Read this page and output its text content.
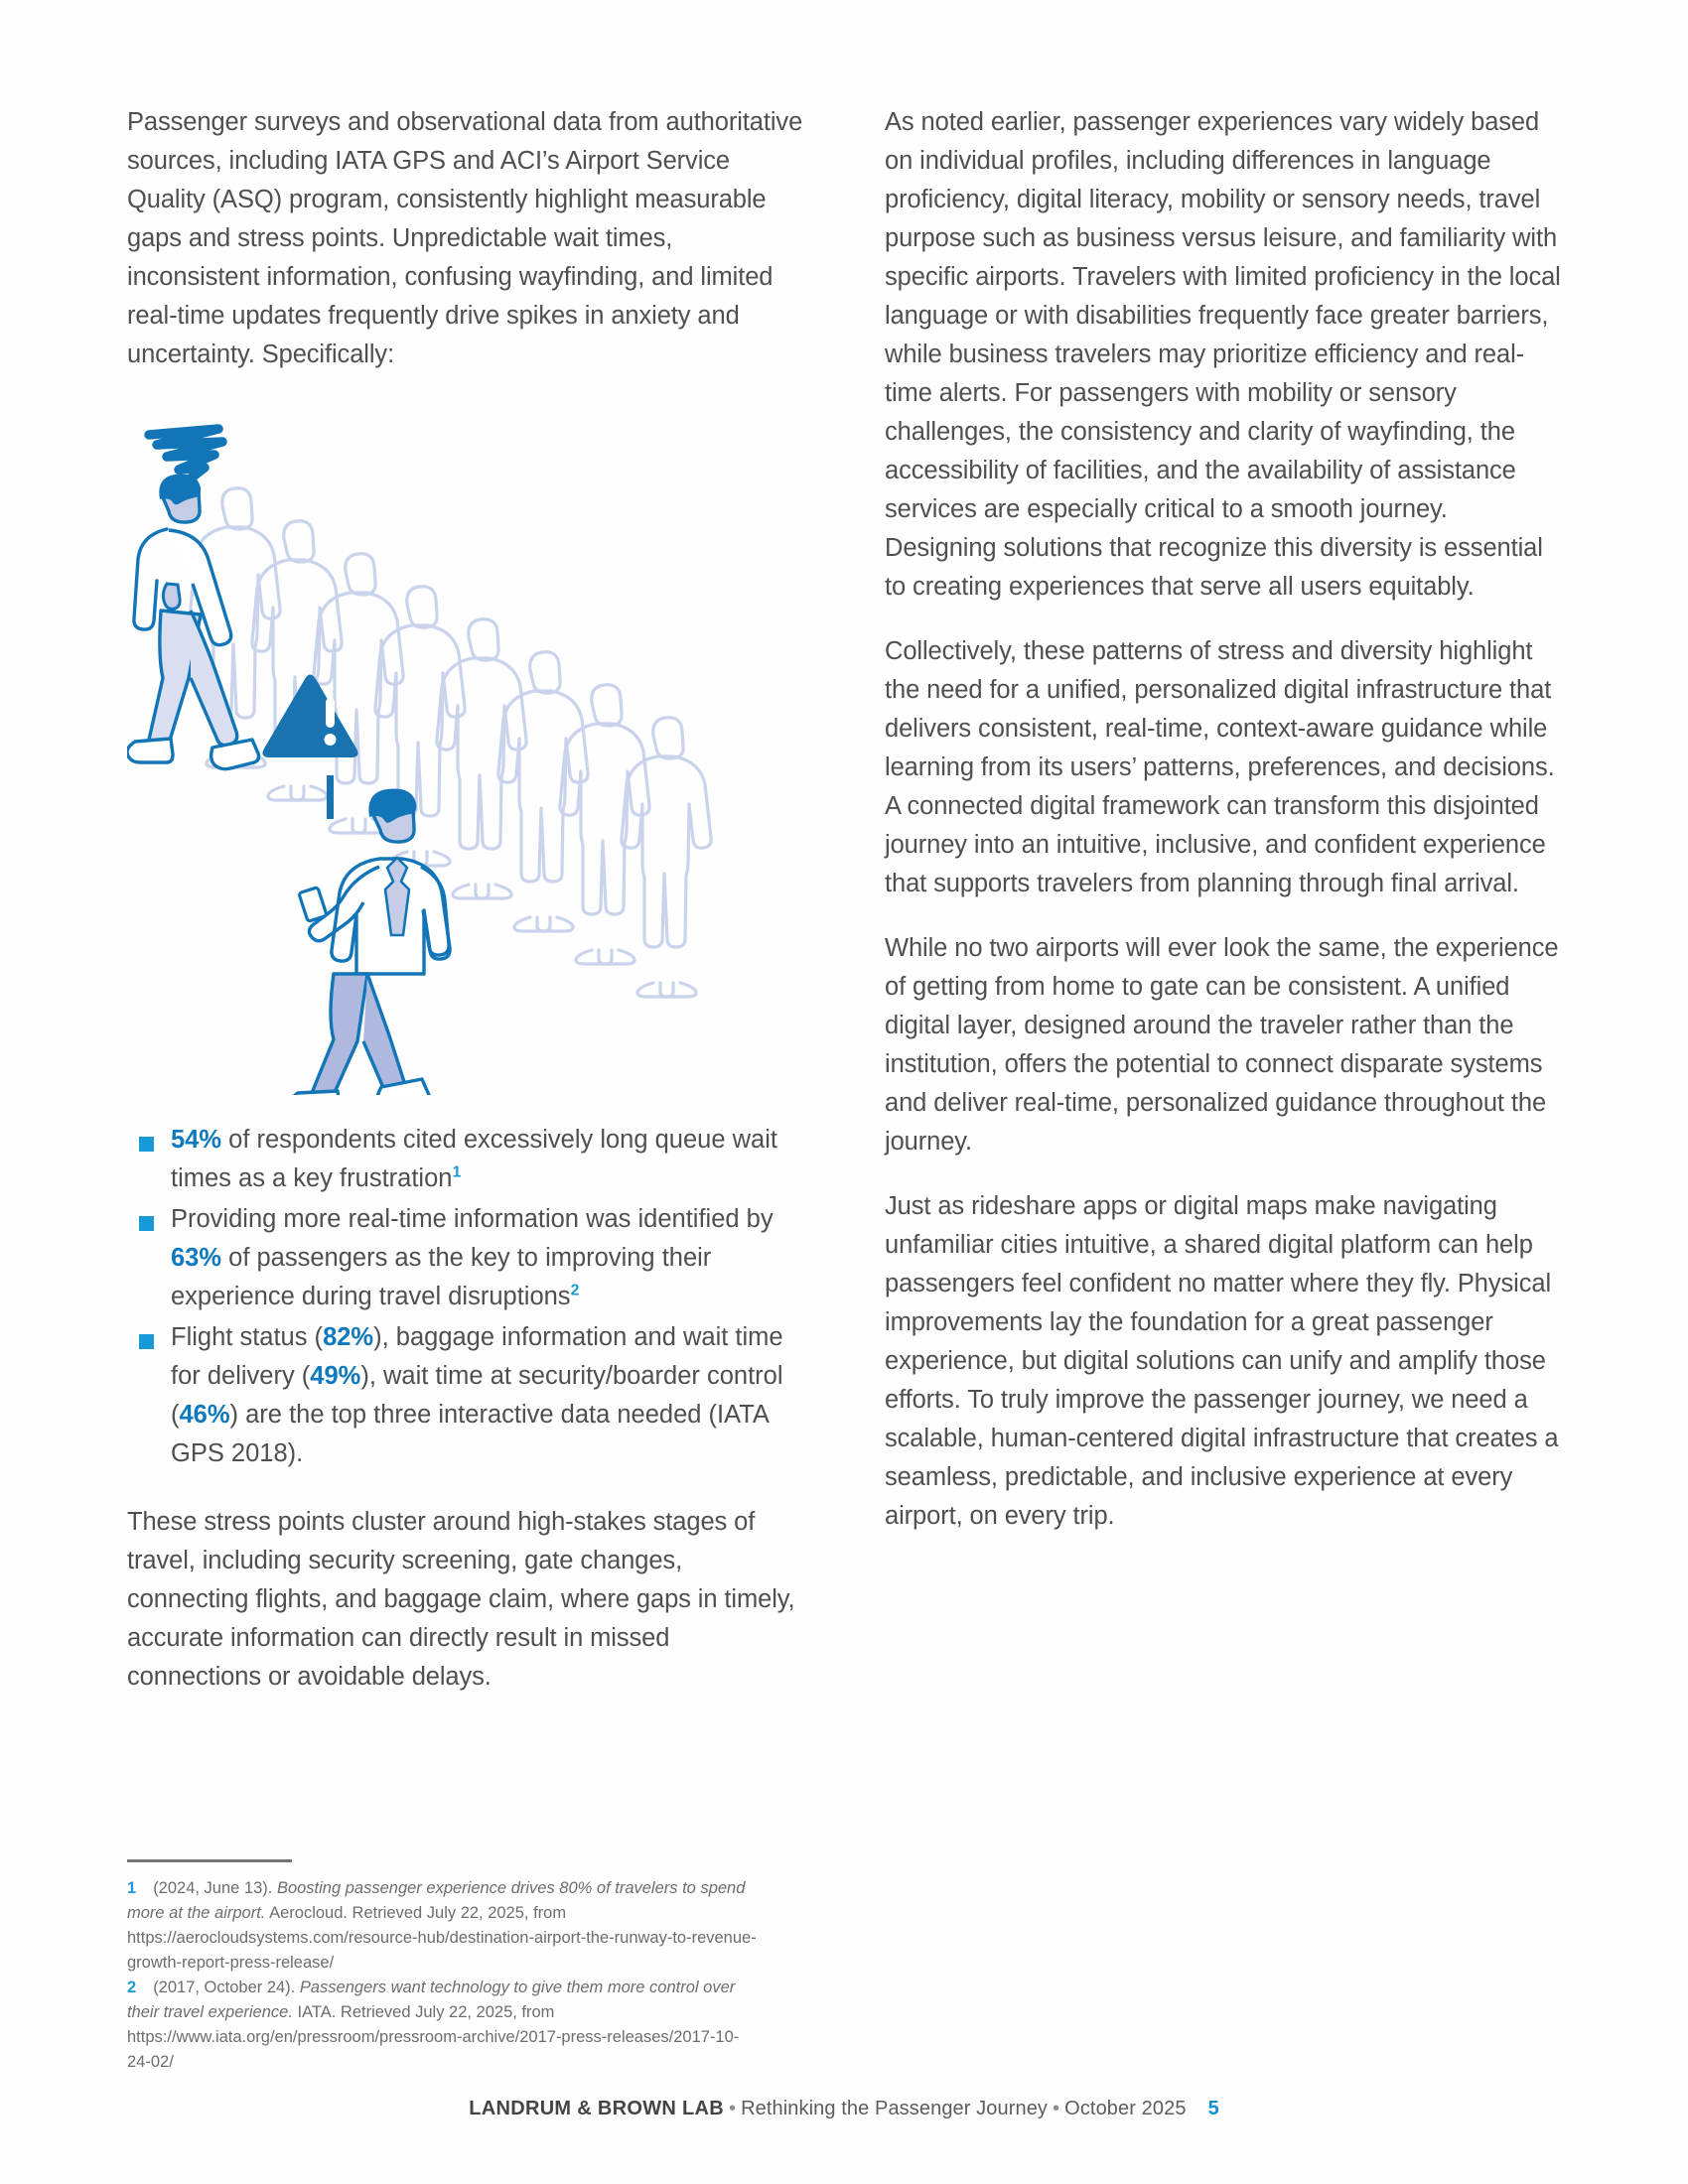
Passenger surveys and observational data from authoritative sources, including IATA GPS and ACI’s Airport Service Quality (ASQ) program, consistently highlight measurable gaps and stress points. Unpredictable wait times, inconsistent information, confusing wayfinding, and limited real-time updates frequently drive spikes in anxiety and uncertainty. Specifically:

54% of respondents cited excessively long queue wait times as a key frustration$^1$
Providing more real-time information was identified by 63% of passengers as the key to improving their experience during travel disruptions$^2$
Flight status (82%), baggage information and wait time for delivery (49%), wait time at security/boarder control (46%) are the top three interactive data needed (IATA GPS 2018).

These stress points cluster around high-stakes stages of travel, including security screening, gate changes, connecting flights, and baggage claim, where gaps in timely, accurate information can directly result in missed connections or avoidable delays.

As noted earlier, passenger experiences vary widely based on individual profiles, including differences in language proficiency, digital literacy, mobility or sensory needs, travel purpose such as business versus leisure, and familiarity with specific airports. Travelers with limited proficiency in the local language or with disabilities frequently face greater barriers, while business travelers may prioritize efficiency and real-time alerts. For passengers with mobility or sensory challenges, the consistency and clarity of wayfinding, the accessibility of facilities, and the availability of assistance services are especially critical to a smooth journey. Designing solutions that recognize this diversity is essential to creating experiences that serve all users equitably.

Collectively, these patterns of stress and diversity highlight the need for a unified, personalized digital infrastructure that delivers consistent, real-time, context-aware guidance while learning from its users’ patterns, preferences, and decisions. A connected digital framework can transform this disjointed journey into an intuitive, inclusive, and confident experience that supports travelers from planning through final arrival.

While no two airports will ever look the same, the experience of getting from home to gate can be consistent. A unified digital layer, designed around the traveler rather than the institution, offers the potential to connect disparate systems and deliver real-time, personalized guidance throughout the journey.

Just as rideshare apps or digital maps make navigating unfamiliar cities intuitive, a shared digital platform can help passengers feel confident no matter where they fly. Physical improvements lay the foundation for a great passenger experience, but digital solutions can unify and amplify those efforts. To truly improve the passenger journey, we need a scalable, human-centered digital infrastructure that creates a seamless, predictable, and inclusive experience at every airport, on every trip.

1 (2024, June 13). Boosting passenger experience drives 80% of travelers to spend more at the airport. Aerocloud. Retrieved July 22, 2025, from https://aerocloudsystems.com/resource-hub/destination-airport-the-runway-to-revenue-growth-report-press-release/
2 (2017, October 24). Passengers want technology to give them more control over their travel experience. IATA. Retrieved July 22, 2025, from https://www.iata.org/en/pressroom/pressroom-archive/2017-press-releases/2017-10-24-02/
LANDRUM & BROWN LAB • Rethinking the Passenger Journey • October 2025 5
